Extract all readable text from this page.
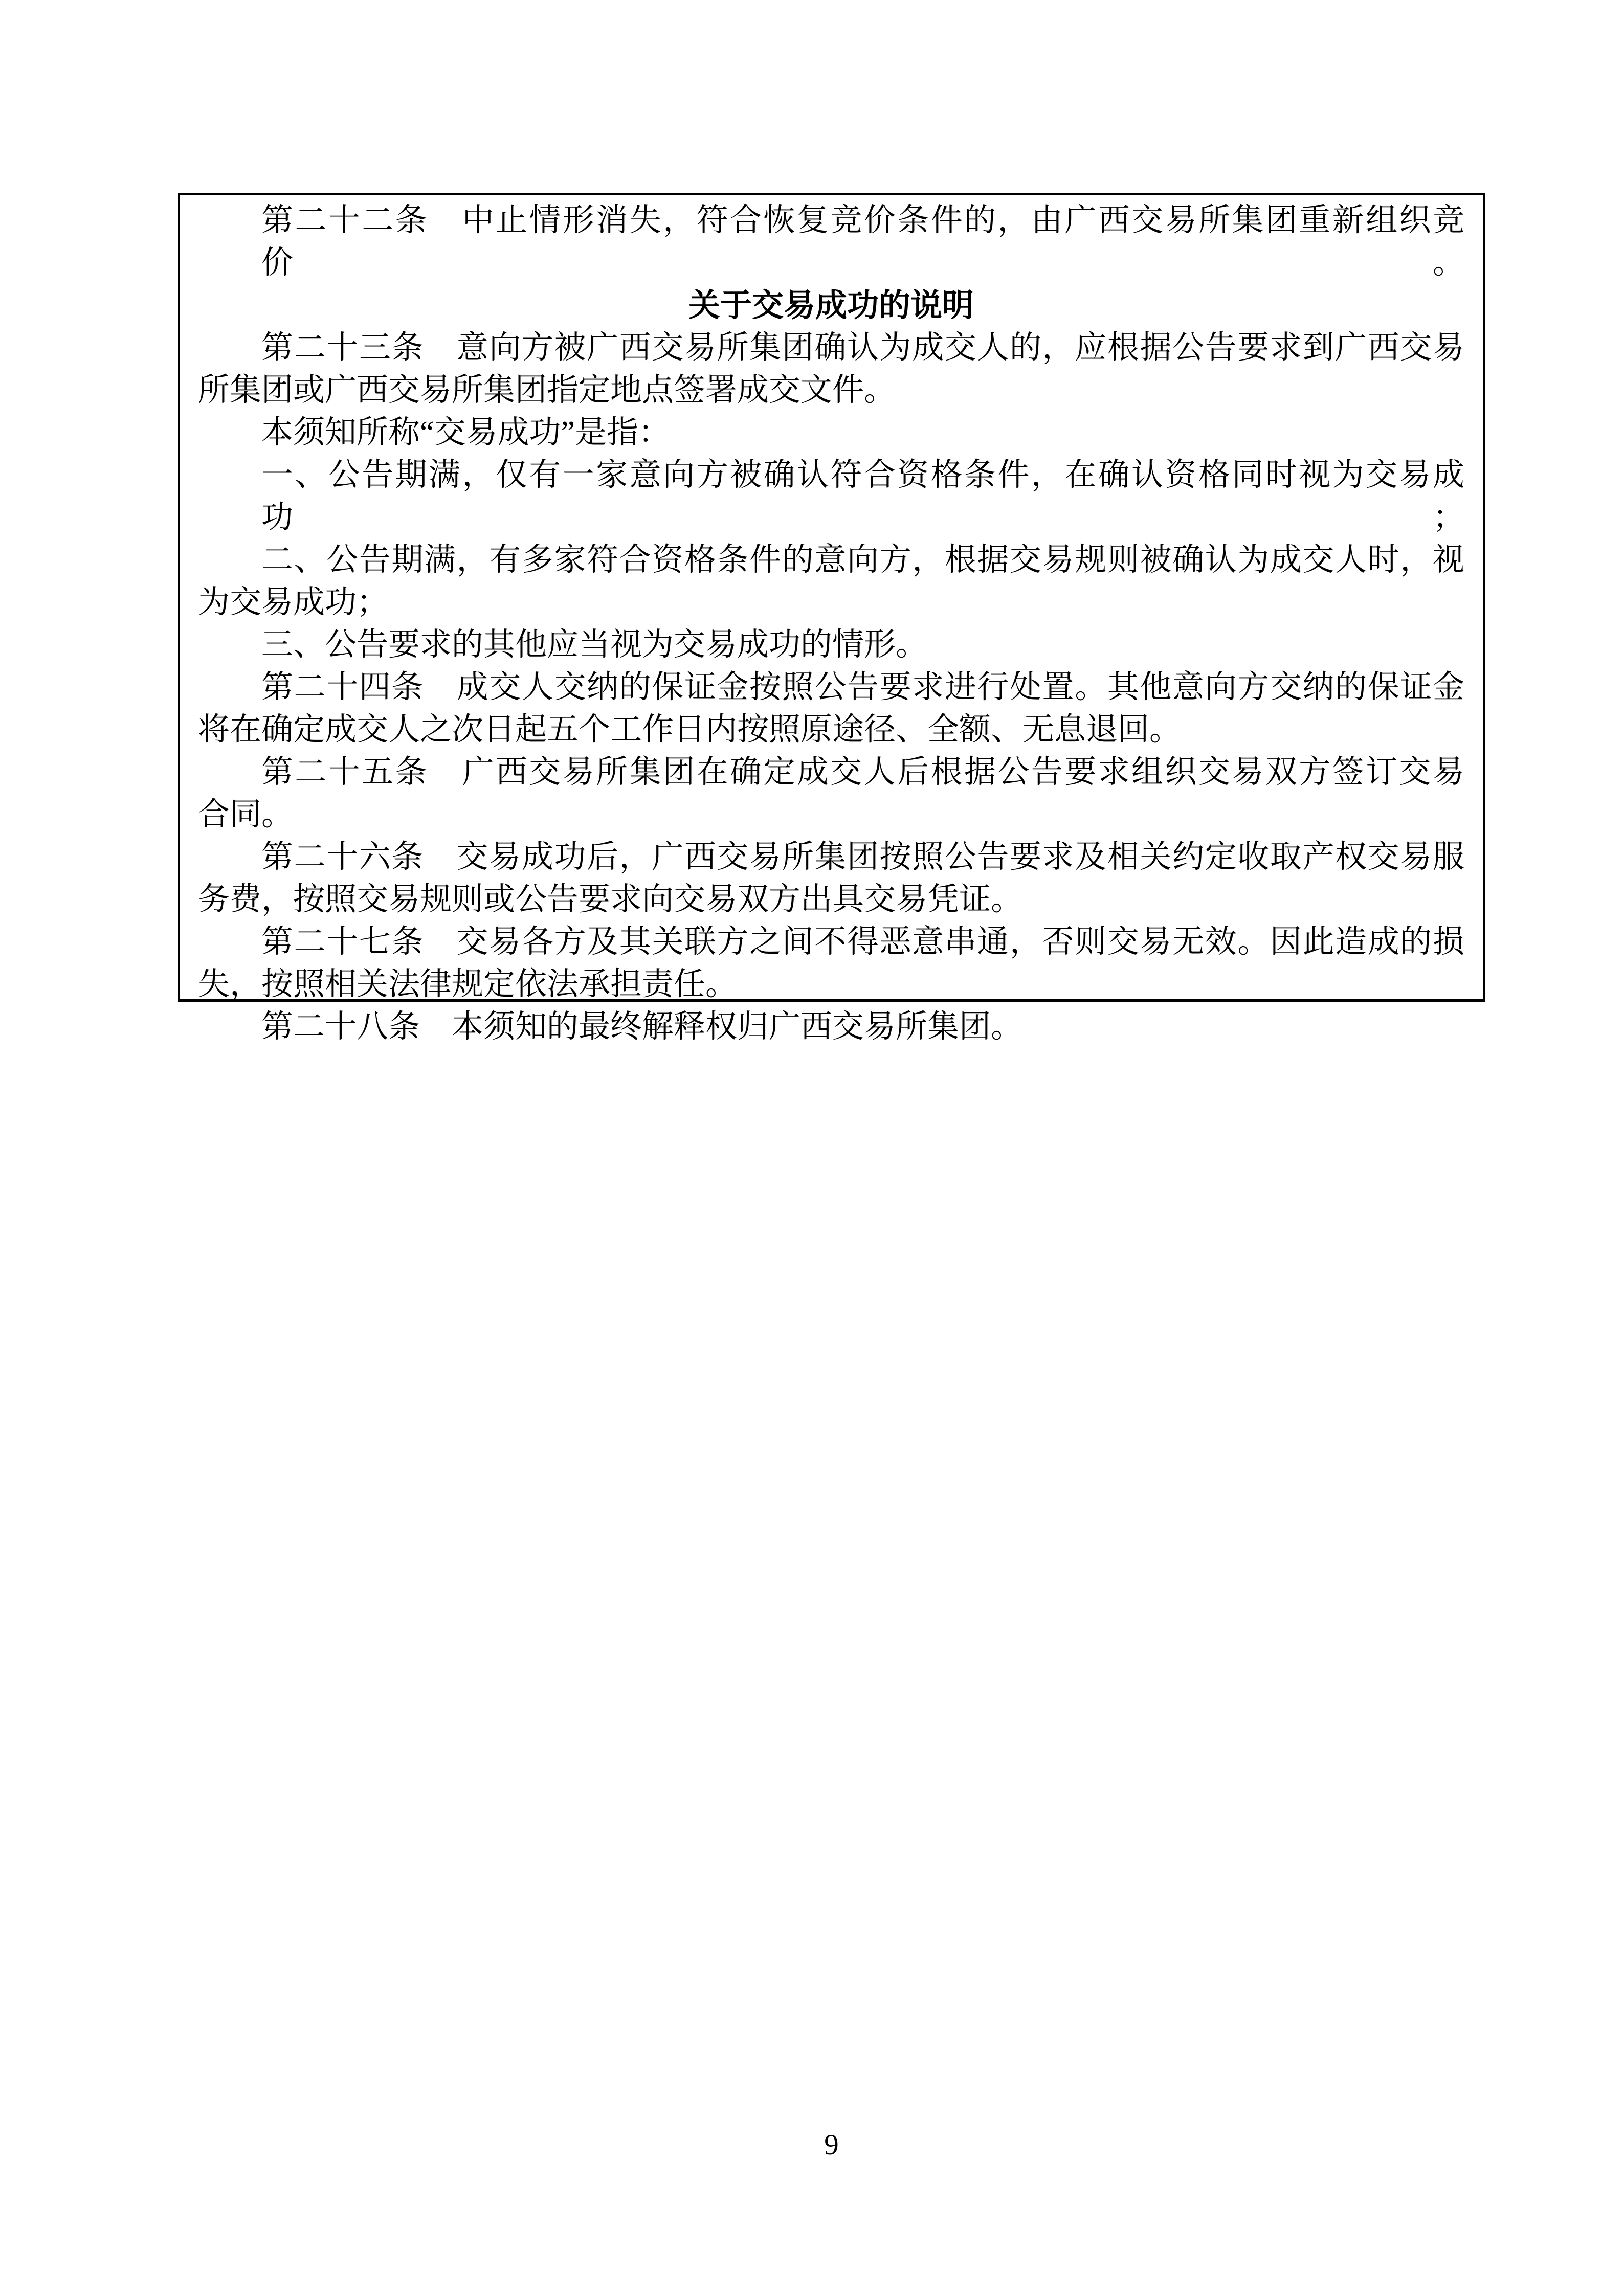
第二十二条　中止情形消失，符合恢复竞价条件的，由广西交易所集团重新组织竞价。
关于交易成功的说明
第二十三条　意向方被广西交易所集团确认为成交人的，应根据公告要求到广西交易
所集团或广西交易所集团指定地点签署成交文件。
本须知所称“交易成功”是指：
一、公告期满，仅有一家意向方被确认符合资格条件，在确认资格同时视为交易成功；
二、公告期满，有多家符合资格条件的意向方，根据交易规则被确认为成交人时，视
为交易成功；
三、公告要求的其他应当视为交易成功的情形。
第二十四条　成交人交纳的保证金按照公告要求进行处置。其他意向方交纳的保证金
将在确定成交人之次日起五个工作日内按照原途径、全额、无息退回。
第二十五条　广西交易所集团在确定成交人后根据公告要求组织交易双方签订交易
合同。
第二十六条　交易成功后，广西交易所集团按照公告要求及相关约定收取产权交易服
务费，按照交易规则或公告要求向交易双方出具交易凭证。
第二十七条　交易各方及其关联方之间不得恶意串通，否则交易无效。因此造成的损
失，按照相关法律规定依法承担责任。
第二十八条　本须知的最终解释权归广西交易所集团。
9
